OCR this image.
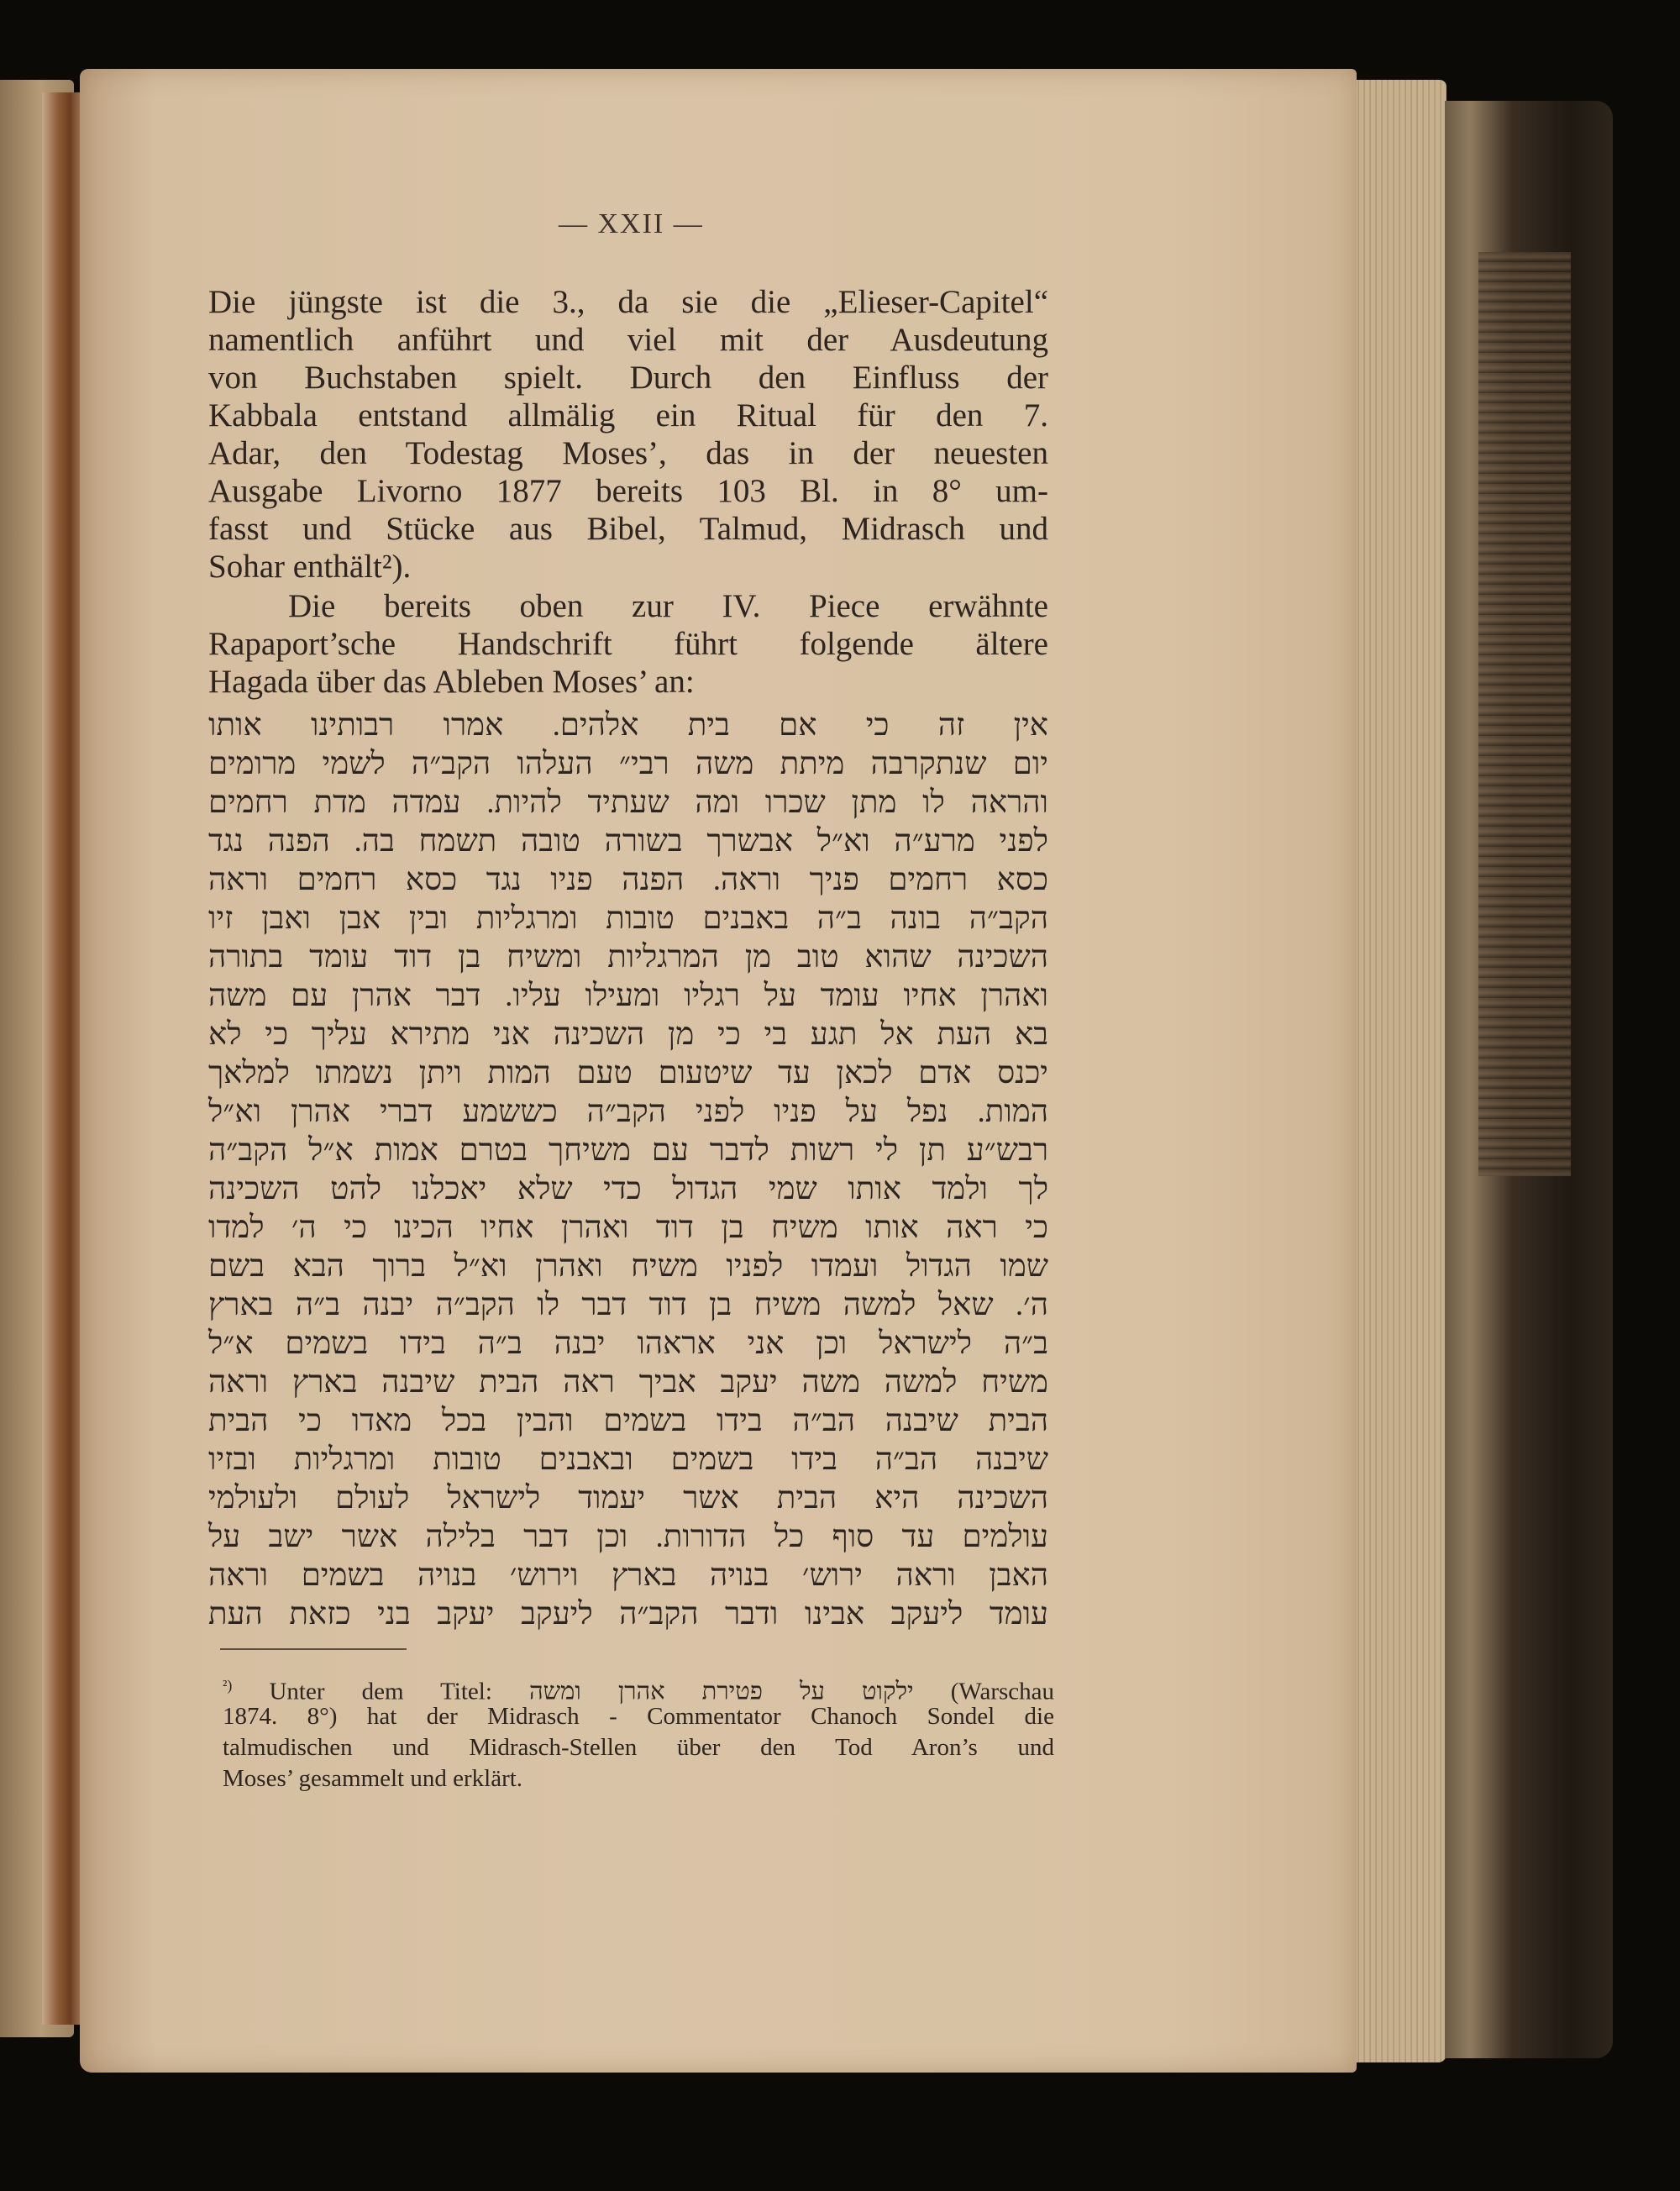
— XXII —
Die jüngste ist die 3., da sie die „Elieser-Capitel“
namentlich anführt und viel mit der Ausdeutung
von Buchstaben spielt. Durch den Einfluss der
Kabbala entstand allmälig ein Ritual für den 7.
Adar, den Todestag Moses’, das in der neuesten
Ausgabe Livorno 1877 bereits 103 Bl. in 8° um-
fasst und Stücke aus Bibel, Talmud, Midrasch und
Sohar enthält²).
Die bereits oben zur IV. Piece erwähnte
Rapaport’sche Handschrift führt folgende ältere
Hagada über das Ableben Moses’ an:
אין זה כי אם בית אלהים. אמרו רבותינו אותו
יום שנתקרבה מיתת משה רבי״ העלהו הקב״ה לשמי מרומים
והראה לו מתן שכרו ומה שעתיד להיות. עמדה מדת רחמים
לפני מרע״ה וא״ל אבשרך בשורה טובה תשמח בה. הפנה נגד
כסא רחמים פניך וראה. הפנה פניו נגד כסא רחמים וראה
הקב״ה בונה ב״ה באבנים טובות ומרגליות ובין אבן ואבן זיו
השכינה שהוא טוב מן המרגליות ומשיח בן דוד עומד בתורה
ואהרן אחיו עומד על רגליו ומעילו עליו. דבר אהרן עם משה
בא העת אל תגע בי כי מן השכינה אני מתירא עליך כי לא
יכנס אדם לכאן עד שיטעום טעם המות ויתן נשמתו למלאך
המות. נפל על פניו לפני הקב״ה כששמע דברי אהרן וא״ל
רבש״ע תן לי רשות לדבר עם משיחך בטרם אמות א״ל הקב״ה
לך ולמד אותו שמי הגדול כדי שלא יאכלנו להט השכינה
כי ראה אותו משיח בן דוד ואהרן אחיו הכינו כי ה׳ למדו
שמו הגדול ועמדו לפניו משיח ואהרן וא״ל ברוך הבא בשם
ה׳. שאל למשה משיח בן דוד דבר לו הקב״ה יבנה ב״ה בארץ
ב״ה לישראל וכן אני אראהו יבנה ב״ה בידו בשמים א״ל
משיח למשה משה יעקב אביך ראה הבית שיבנה בארץ וראה
הבית שיבנה הב״ה בידו בשמים והבין בכל מאדו כי הבית
שיבנה הב״ה בידו בשמים ובאבנים טובות ומרגליות ובזיו
השכינה היא הבית אשר יעמוד לישראל לעולם ולעולמי
עולמים עד סוף כל הדורות. וכן דבר בלילה אשר ישב על
האבן וראה ירוש׳ בנויה בארץ וירוש׳ בנויה בשמים וראה
עומד ליעקב אבינו ודבר הקב״ה ליעקב יעקב בני כזאת העת
$^{^2)}$ Unter dem Titel: ילקוט על פטירת אהרן ומשה (Warschau
1874. 8°) hat der Midrasch - Commentator Chanoch Sondel die
talmudischen und Midrasch-Stellen über den Tod Aron’s und
Moses’ gesammelt und erklärt.
